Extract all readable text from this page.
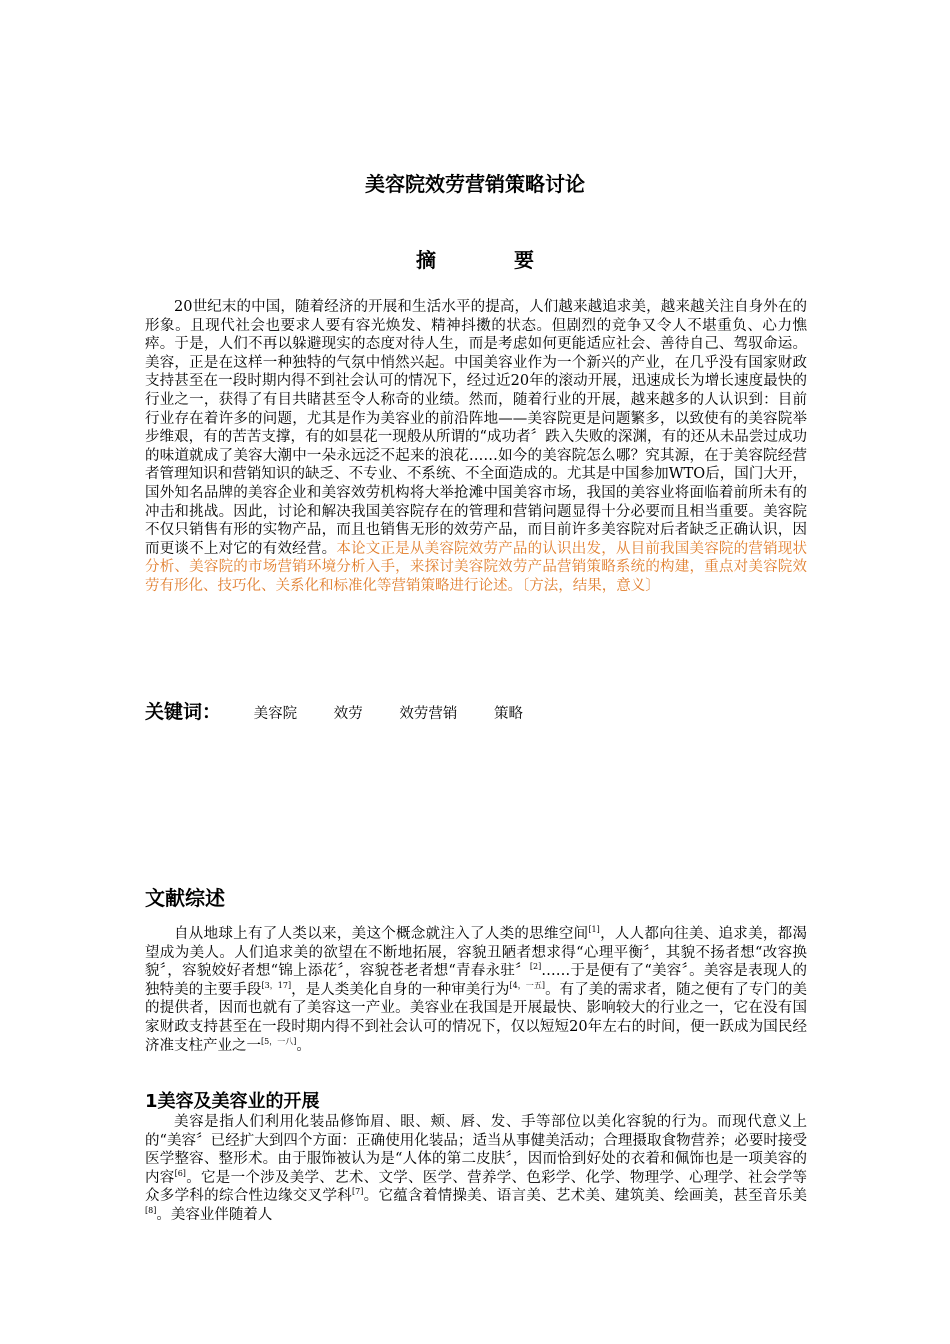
美容院效劳营销策略讨论
摘	要

20世纪末的中国，随着经济的开展和生活水平的提高，人们越来越追求美，越来越关注自身外在的形象。且现代社会也要求人要有容光焕发、精神抖擞的状态。但剧烈的竞争又令人不堪重负、心力憔瘁。于是，人们不再以躲避现实的态度对待人生，而是考虑如何更能适应社会、善待自己、驾驭命运。美容，正是在这样一种独特的气氛中悄然兴起。中国美容业作为一个新兴的产业，在几乎没有国家财政支持甚至在一段时期内得不到社会认可的情况下，经过近20年的滚动开展，迅速成长为增长速度最快的行业之一，获得了有目共睹甚至令人称奇的业绩。然而，随着行业的开展，越来越多的人认识到：目前行业存在着许多的问题，尤其是作为美容业的前沿阵地——美容院更是问题繁多，以致使有的美容院举步维艰，有的苦苦支撑，有的如昙花一现般从所谓的“成功者〞跌入失败的深渊，有的还从未品尝过成功的味道就成了美容大潮中一朵永远泛不起来的浪花……如今的美容院怎么哪？究其源，在于美容院经营者管理知识和营销知识的缺乏、不专业、不系统、不全面造成的。尤其是中国参加WTO后，国门大开，国外知名品牌的美容企业和美容效劳机构将大举抢滩中国美容市场，我国的美容业将面临着前所未有的冲击和挑战。因此，讨论和解决我国美容院存在的管理和营销问题显得十分必要而且相当重要。美容院不仅只销售有形的实物产品，而且也销售无形的效劳产品，而目前许多美容院对后者缺乏正确认识，因而更谈不上对它的有效经营。本论文正是从美容院效劳产品的认识出发，从目前我国美容院的营销现状分析、美容院的市场营销环境分析入手，来探讨美容院效劳产品营销策略系统的构建，重点对美容院效劳有形化、技巧化、关系化和标准化等营销策略进行论述。〔方法，结果，意义〕

关键词： 美容院	效劳	效劳营销	策略
文献综述

自从地球上有了人类以来，美这个概念就注入了人类的思维空间[1]，人人都向往美、追求美，都渴望成为美人。人们追求美的欲望在不断地拓展，容貌丑陋者想求得“心理平衡〞，其貌不扬者想“改容换貌〞，容貌姣好者想“锦上添花〞，容貌苍老者想“青春永驻〞[2]……于是便有了“美容〞。美容是表现人的独特美的主要手段[3，17]，是人类美化自身的一种审美行为[4，一五]。有了美的需求者，随之便有了专门的美的提供者，因而也就有了美容这一产业。美容业在我国是开展最快、影响较大的行业之一，它在没有国家财政支持甚至在一段时期内得不到社会认可的情况下，仅以短短20年左右的时间，便一跃成为国民经济准支柱产业之一[5，一八]。

1美容及美容业的开展

美容是指人们利用化装品修饰眉、眼、颊、唇、发、手等部位以美化容貌的行为。而现代意义上的“美容〞已经扩大到四个方面：正确使用化装品；适当从事健美活动；合理摄取食物营养；必要时接受医学整容、整形术。由于服饰被认为是“人体的第二皮肤〞，因而恰到好处的衣着和佩饰也是一项美容的内容[6]。它是一个涉及美学、艺术、文学、医学、营养学、色彩学、化学、物理学、心理学、社会学等众多学科的综合性边缘交叉学科[7]。它蕴含着情操美、语言美、艺术美、建筑美、绘画美，甚至音乐美[8]。美容业伴随着人
